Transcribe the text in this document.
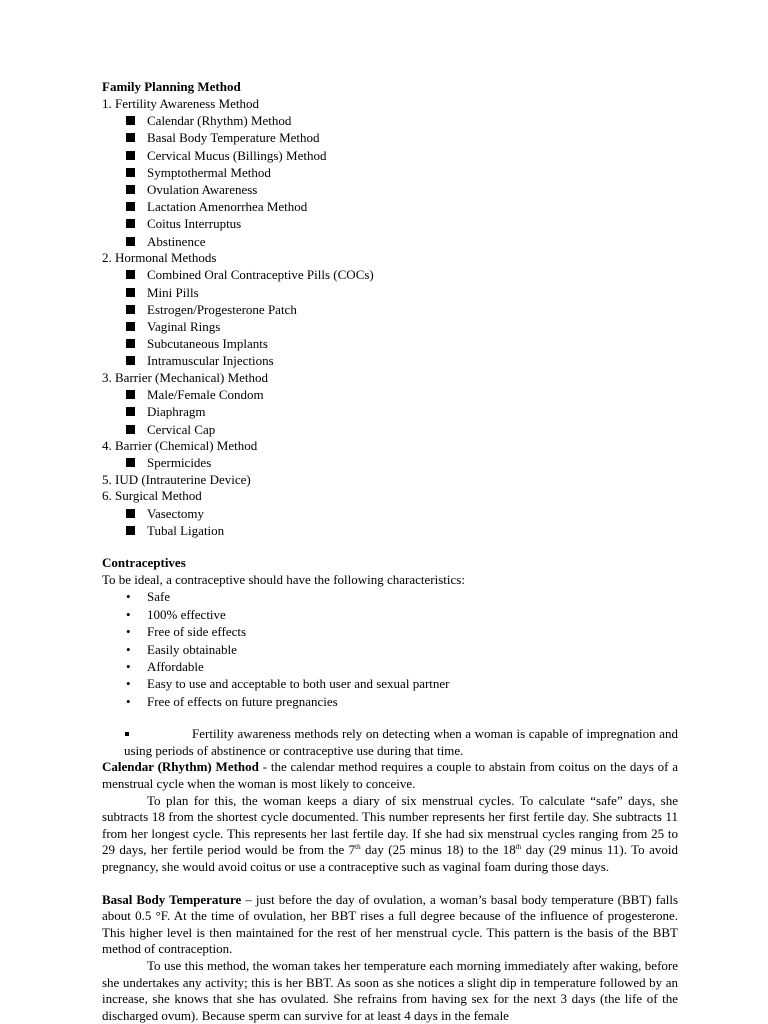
Family Planning Method
1. Fertility Awareness Method
Calendar (Rhythm) Method
Basal Body Temperature Method
Cervical Mucus (Billings) Method
Symptothermal Method
Ovulation Awareness
Lactation Amenorrhea Method
Coitus Interruptus
Abstinence
2. Hormonal Methods
Combined Oral Contraceptive Pills (COCs)
Mini Pills
Estrogen/Progesterone Patch
Vaginal Rings
Subcutaneous Implants
Intramuscular Injections
3. Barrier (Mechanical) Method
Male/Female Condom
Diaphragm
Cervical Cap
4. Barrier (Chemical) Method
Spermicides
5. IUD (Intrauterine Device)
6. Surgical Method
Vasectomy
Tubal Ligation
Contraceptives
To be ideal, a contraceptive should have the following characteristics:
• Safe
• 100% effective
• Free of side effects
• Easily obtainable
• Affordable
• Easy to use and acceptable to both user and sexual partner
• Free of effects on future pregnancies

Fertility awareness methods rely on detecting when a woman is capable of impregnation and using periods of abstinence or contraceptive use during that time.

Calendar (Rhythm) Method - the calendar method requires a couple to abstain from coitus on the days of a menstrual cycle when the woman is most likely to conceive.

To plan for this, the woman keeps a diary of six menstrual cycles. To calculate “safe” days, she subtracts 18 from the shortest cycle documented. This number represents her first fertile day. She subtracts 11 from her longest cycle. This represents her last fertile day. If she had six menstrual cycles ranging from 25 to 29 days, her fertile period would be from the 7th day (25 minus 18) to the 18th day (29 minus 11). To avoid pregnancy, she would avoid coitus or use a contraceptive such as vaginal foam during those days.

Basal Body Temperature – just before the day of ovulation, a woman’s basal body temperature (BBT) falls about 0.5 °F. At the time of ovulation, her BBT rises a full degree because of the influence of progesterone. This higher level is then maintained for the rest of her menstrual cycle. This pattern is the basis of the BBT method of contraception.

To use this method, the woman takes her temperature each morning immediately after waking, before she undertakes any activity; this is her BBT. As soon as she notices a slight dip in temperature followed by an increase, she knows that she has ovulated. She refrains from having sex for the next 3 days (the life of the discharged ovum). Because sperm can survive for at least 4 days in the female
